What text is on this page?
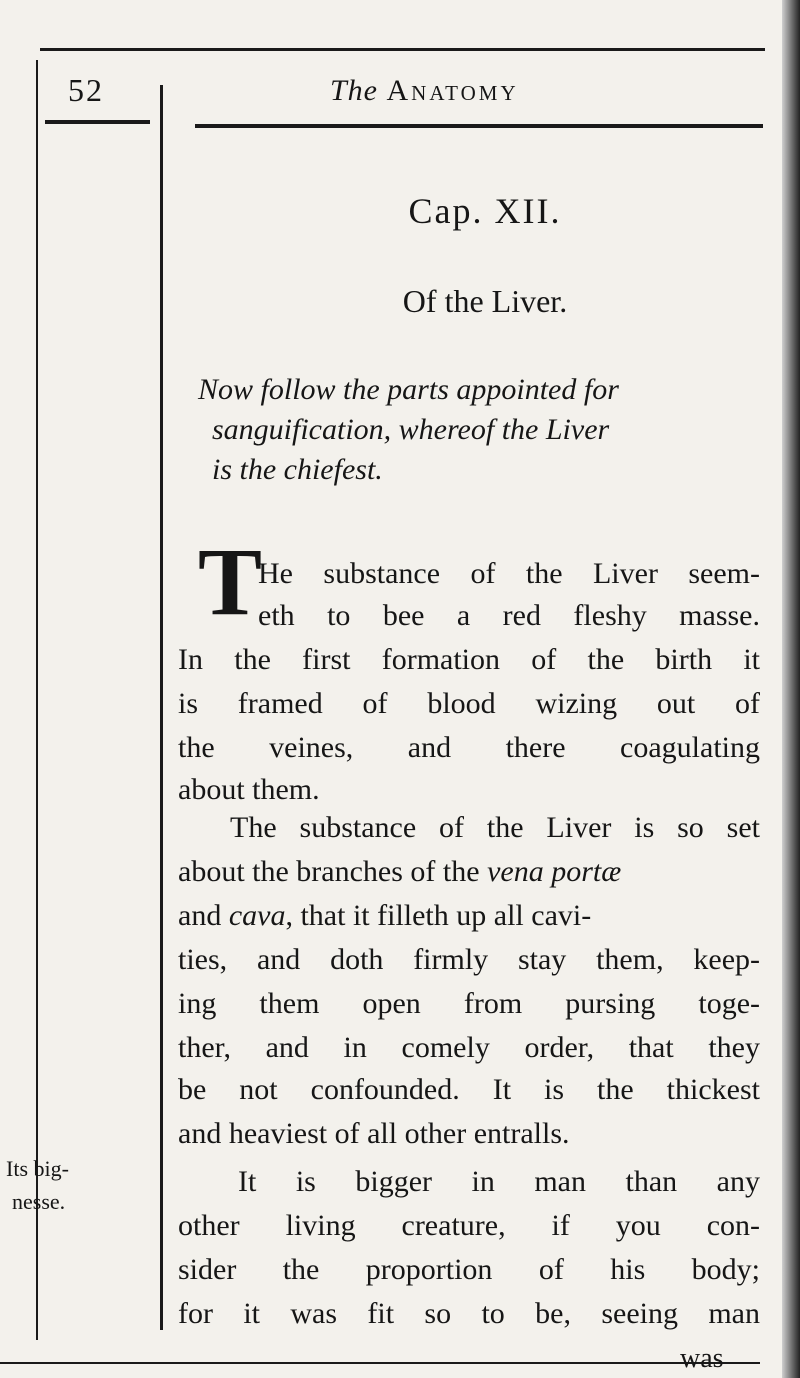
52	The Anatomy
Cap. XII.
Of the Liver.
Now follow the parts appointed for
sanguification, whereof the Liver
is the chiefest.
T
He substance of the Liver seem-
eth to bee a red fleshy masse.
In the first formation of the birth it
is framed of blood wizing out of
the veines, and there coagulating
about them.
The substance of the Liver is so set
about the branches of the vena portæ
and cava, that it filleth up all cavi-
ties, and doth firmly stay them, keep-
ing them open from pursing toge-
ther, and in comely order, that they
be not confounded. It is the thickest
and heaviest of all other entralls.
It is bigger in man than any
other living creature, if you con-
sider the proportion of his body;
for it was fit so to be, seeing man
was
Its big-
nesse.
